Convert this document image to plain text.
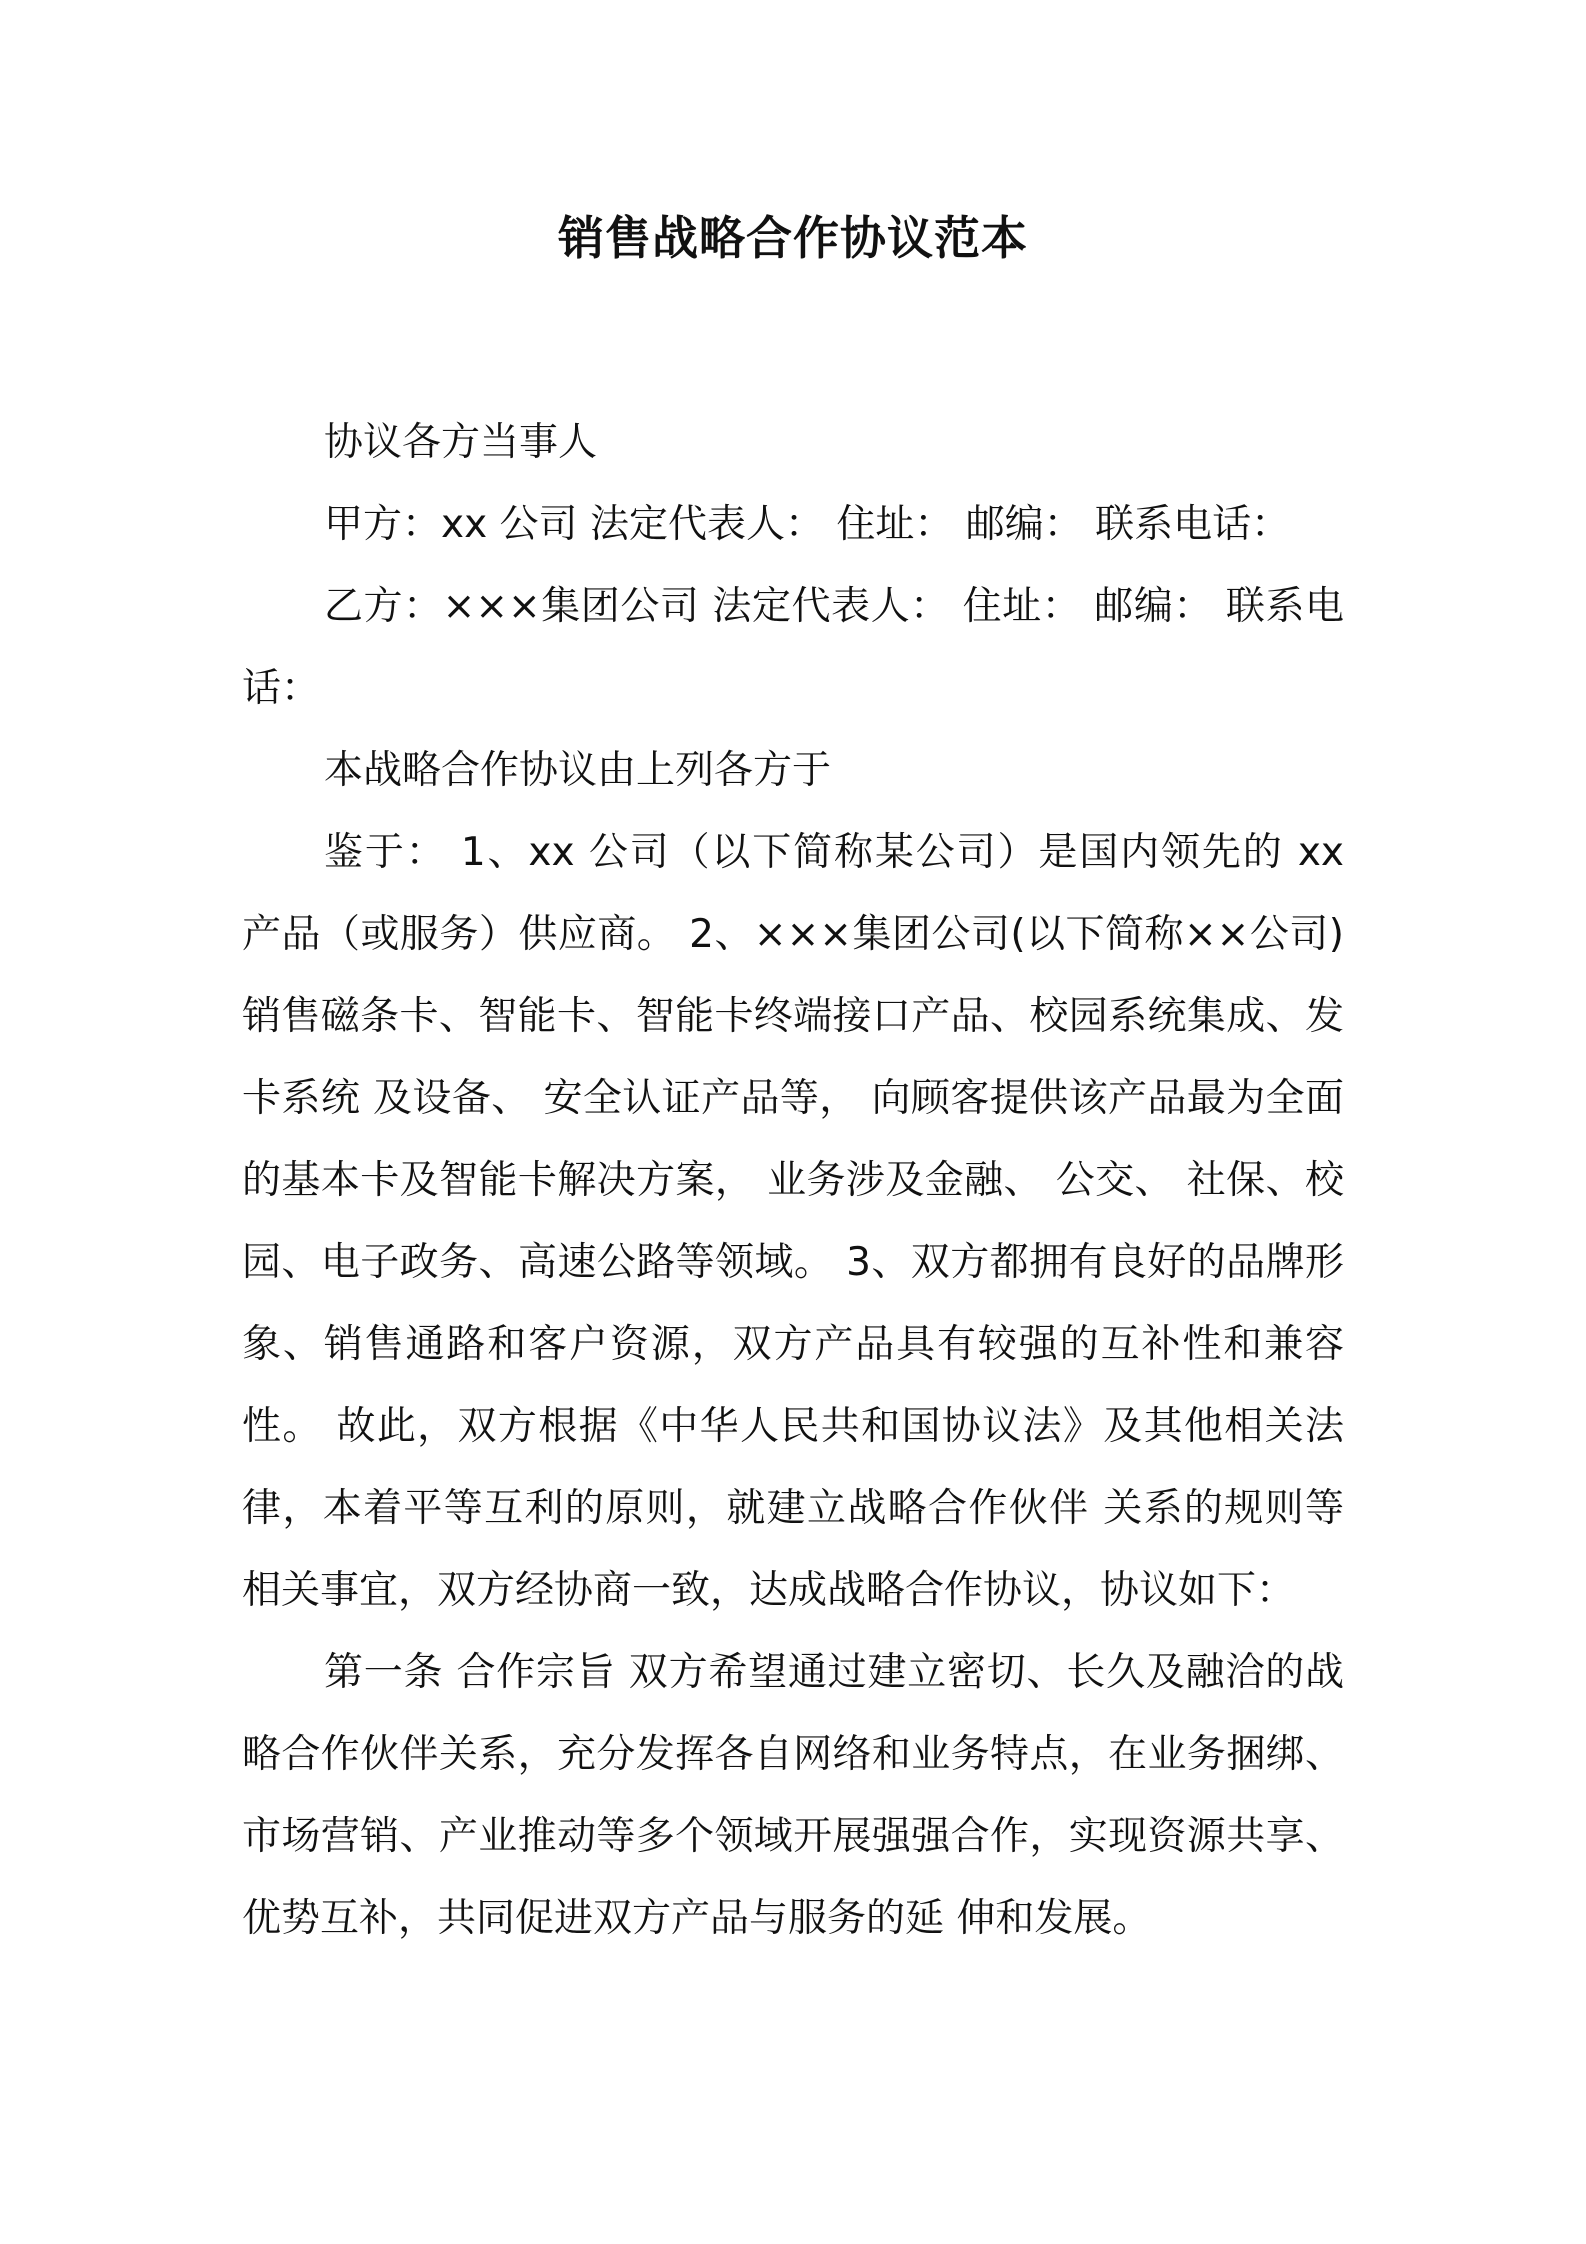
销售战略合作协议范本

协议各方当事人

甲方：xx 公司 法定代表人： 住址： 邮编： 联系电话：

乙方：×××集团公司 法定代表人： 住址： 邮编： 联系电话：

本战略合作协议由上列各方于

鉴于： 1、xx 公司（以下简称某公司）是国内领先的 xx 产品（或服务）供应商。 2、×××集团公司(以下简称××公司)销售磁条卡、智能卡、智能卡终端接口产品、校园系统集成、发卡系统 及设备、 安全认证产品等， 向顾客提供该产品最为全面的基本卡及智能卡解决方案， 业务涉及金融、 公交、 社保、校园、电子政务、高速公路等领域。 3、双方都拥有良好的品牌形象、销售通路和客户资源，双方产品具有较强的互补性和兼容性。 故此，双方根据《中华人民共和国协议法》及其他相关法律，本着平等互利的原则，就建立战略合作伙伴 关系的规则等相关事宜，双方经协商一致，达成战略合作协议，协议如下：

第一条 合作宗旨 双方希望通过建立密切、长久及融洽的战略合作伙伴关系，充分发挥各自网络和业务特点，在业务捆绑、市场营销、产业推动等多个领域开展强强合作，实现资源共享、优势互补，共同促进双方产品与服务的延 伸和发展。
